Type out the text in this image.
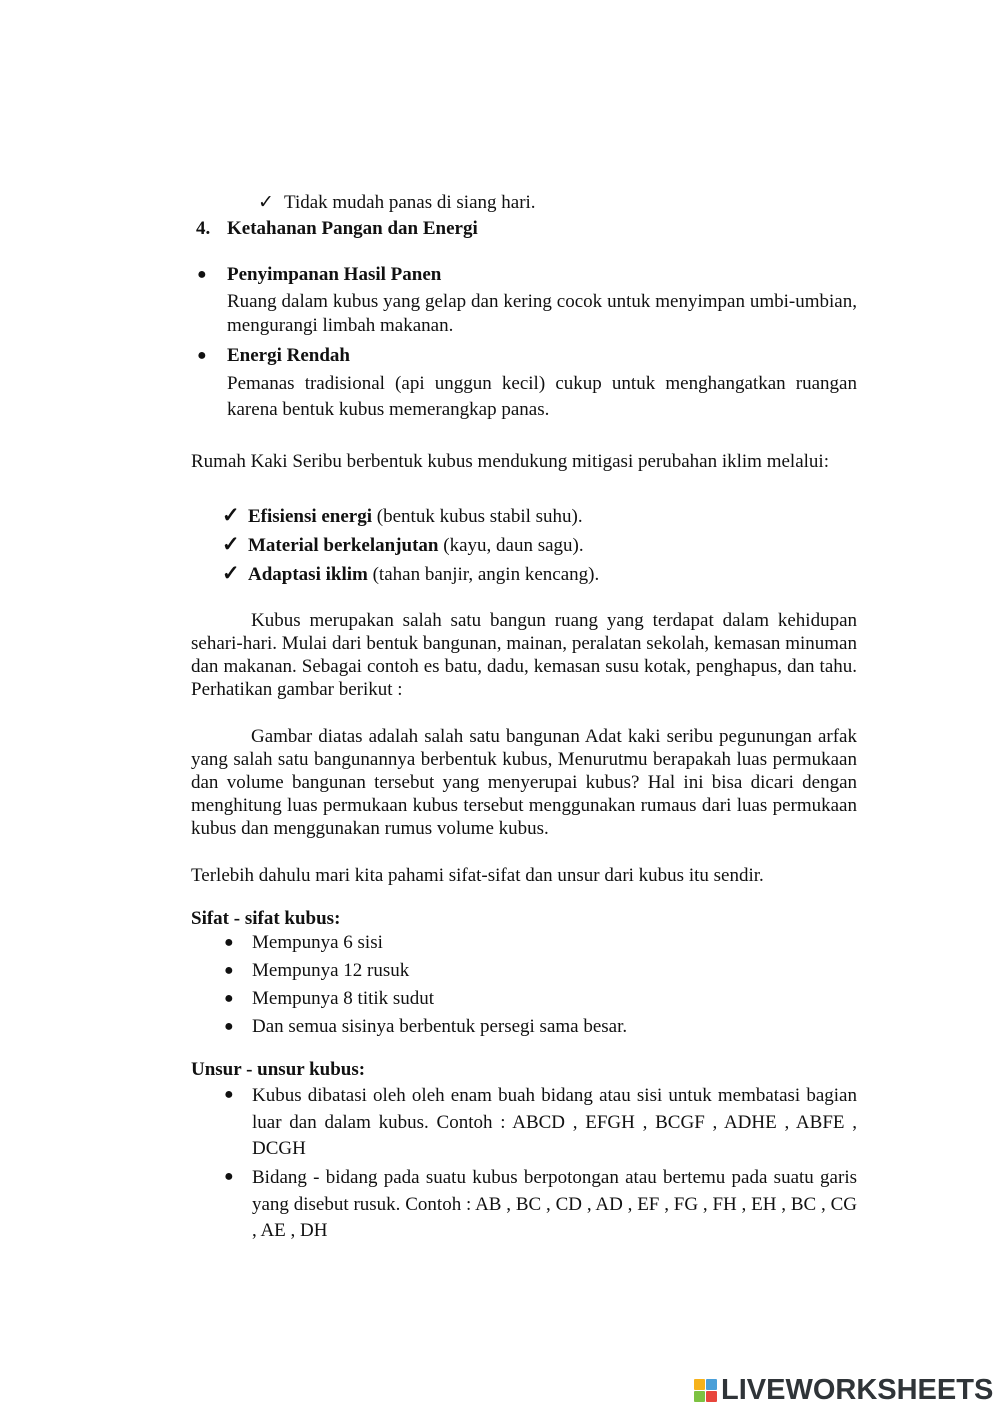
✓ Tidak mudah panas di siang hari.
4. Ketahanan Pangan dan Energi
● Penyimpanan Hasil Panen
Ruang dalam kubus yang gelap dan kering cocok untuk menyimpan umbi-umbian, mengurangi limbah makanan.
● Energi Rendah
Pemanas tradisional (api unggun kecil) cukup untuk menghangatkan ruangan karena bentuk kubus memerangkap panas.
Rumah Kaki Seribu berbentuk kubus mendukung mitigasi perubahan iklim melalui:
✓ Efisiensi energi (bentuk kubus stabil suhu).
✓ Material berkelanjutan (kayu, daun sagu).
✓ Adaptasi iklim (tahan banjir, angin kencang).
Kubus merupakan salah satu bangun ruang yang terdapat dalam kehidupan sehari-hari. Mulai dari bentuk bangunan, mainan, peralatan sekolah, kemasan minuman dan makanan. Sebagai contoh es batu, dadu, kemasan susu kotak, penghapus, dan tahu. Perhatikan gambar berikut :
Gambar diatas adalah salah satu bangunan Adat kaki seribu pegunungan arfak yang salah satu bangunannya berbentuk kubus, Menurutmu berapakah luas permukaan dan volume bangunan tersebut yang menyerupai kubus? Hal ini bisa dicari dengan menghitung luas permukaan kubus tersebut menggunakan rumaus dari luas permukaan kubus dan menggunakan rumus volume kubus.
Terlebih dahulu mari kita pahami sifat-sifat dan unsur dari kubus itu sendir.
Sifat - sifat kubus:
● Mempunya 6 sisi
● Mempunya 12 rusuk
● Mempunya 8 titik sudut
● Dan semua sisinya berbentuk persegi sama besar.
Unsur - unsur kubus:
● Kubus dibatasi oleh oleh enam buah bidang atau sisi untuk membatasi bagian luar dan dalam kubus. Contoh : ABCD , EFGH , BCGF , ADHE , ABFE , DCGH
● Bidang - bidang pada suatu kubus berpotongan atau bertemu pada suatu garis yang disebut rusuk. Contoh : AB , BC , CD , AD , EF , FG , FH , EH , BC , CG , AE , DH
LIVEWORKSHEETS
